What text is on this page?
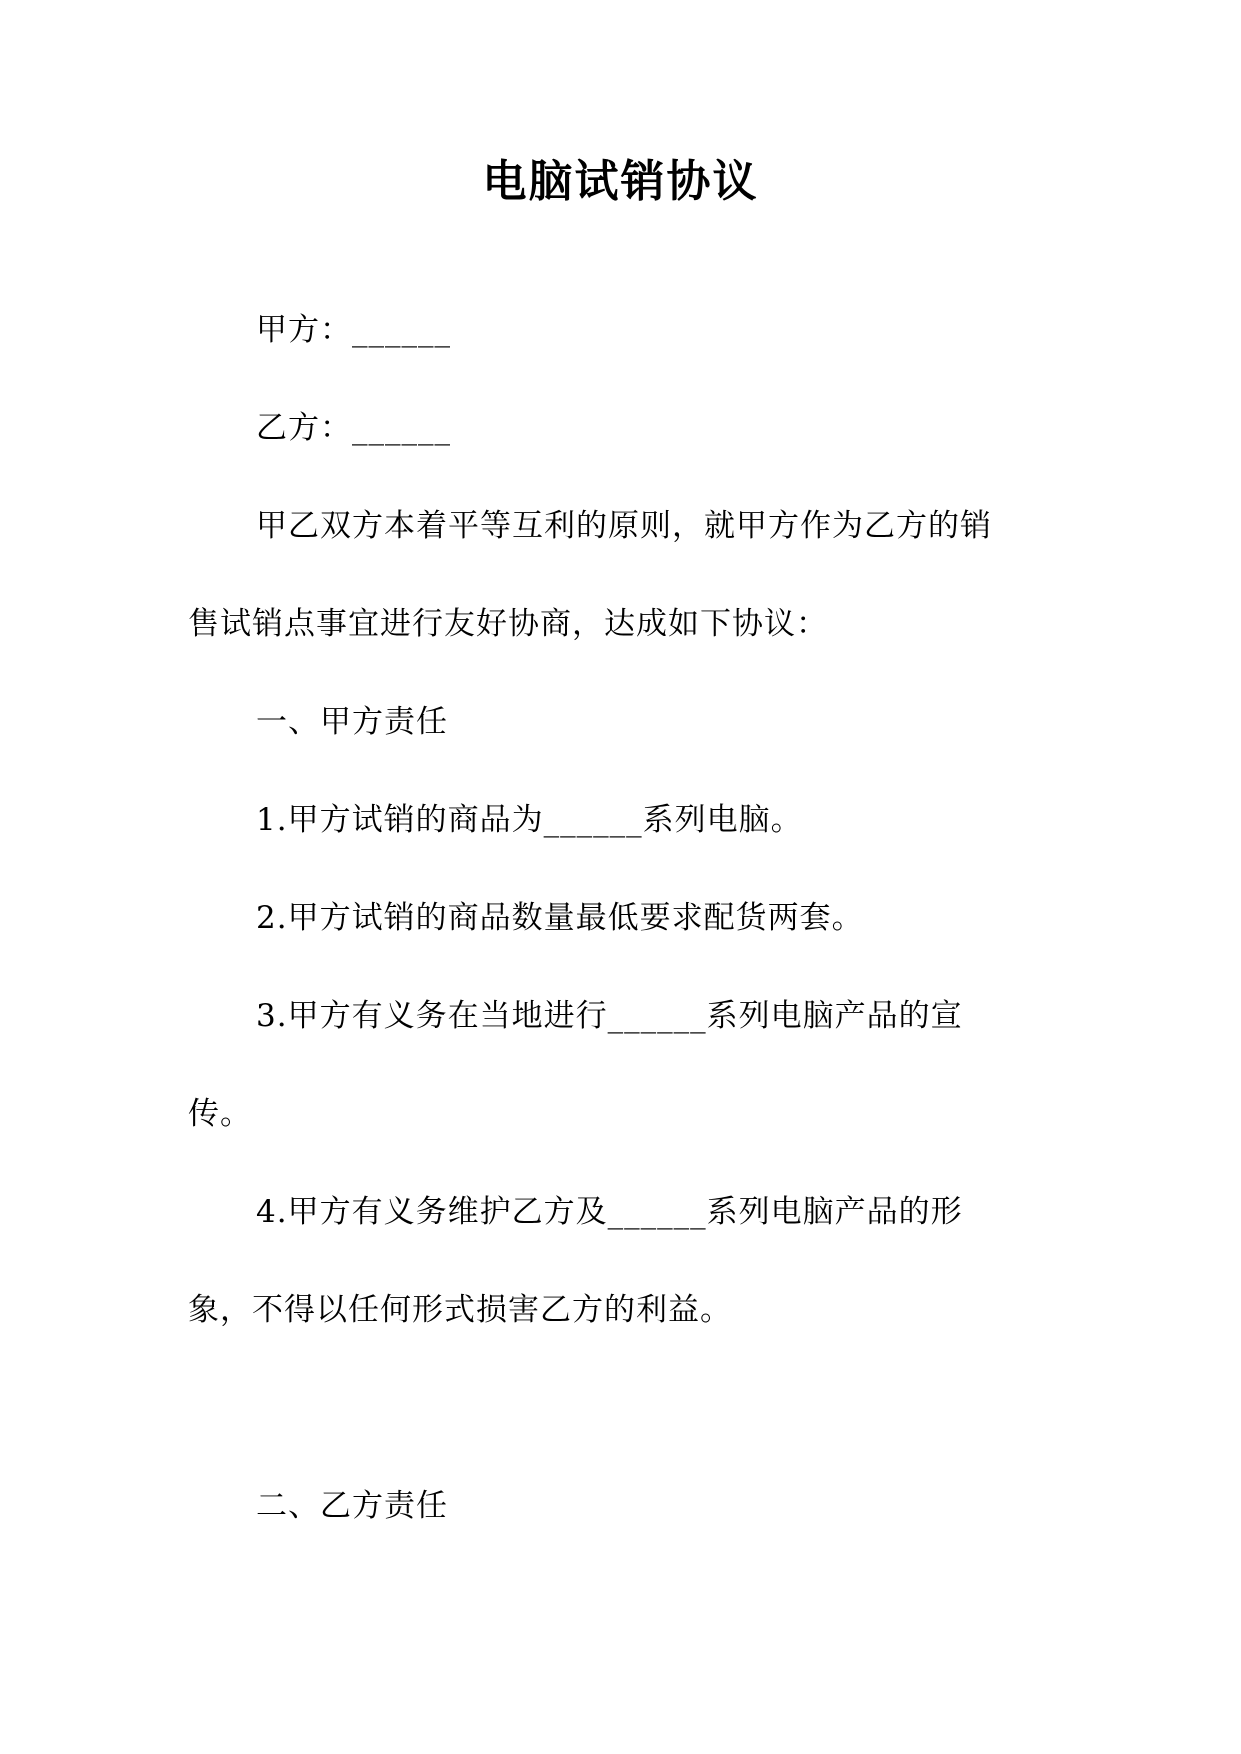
电脑试销协议
甲方：______
乙方：______
甲乙双方本着平等互利的原则，就甲方作为乙方的销
售试销点事宜进行友好协商，达成如下协议：
一、甲方责任
1.甲方试销的商品为______系列电脑。
2.甲方试销的商品数量最低要求配货两套。
3.甲方有义务在当地进行______系列电脑产品的宣
传。
4.甲方有义务维护乙方及______系列电脑产品的形
象，不得以任何形式损害乙方的利益。
二、乙方责任
